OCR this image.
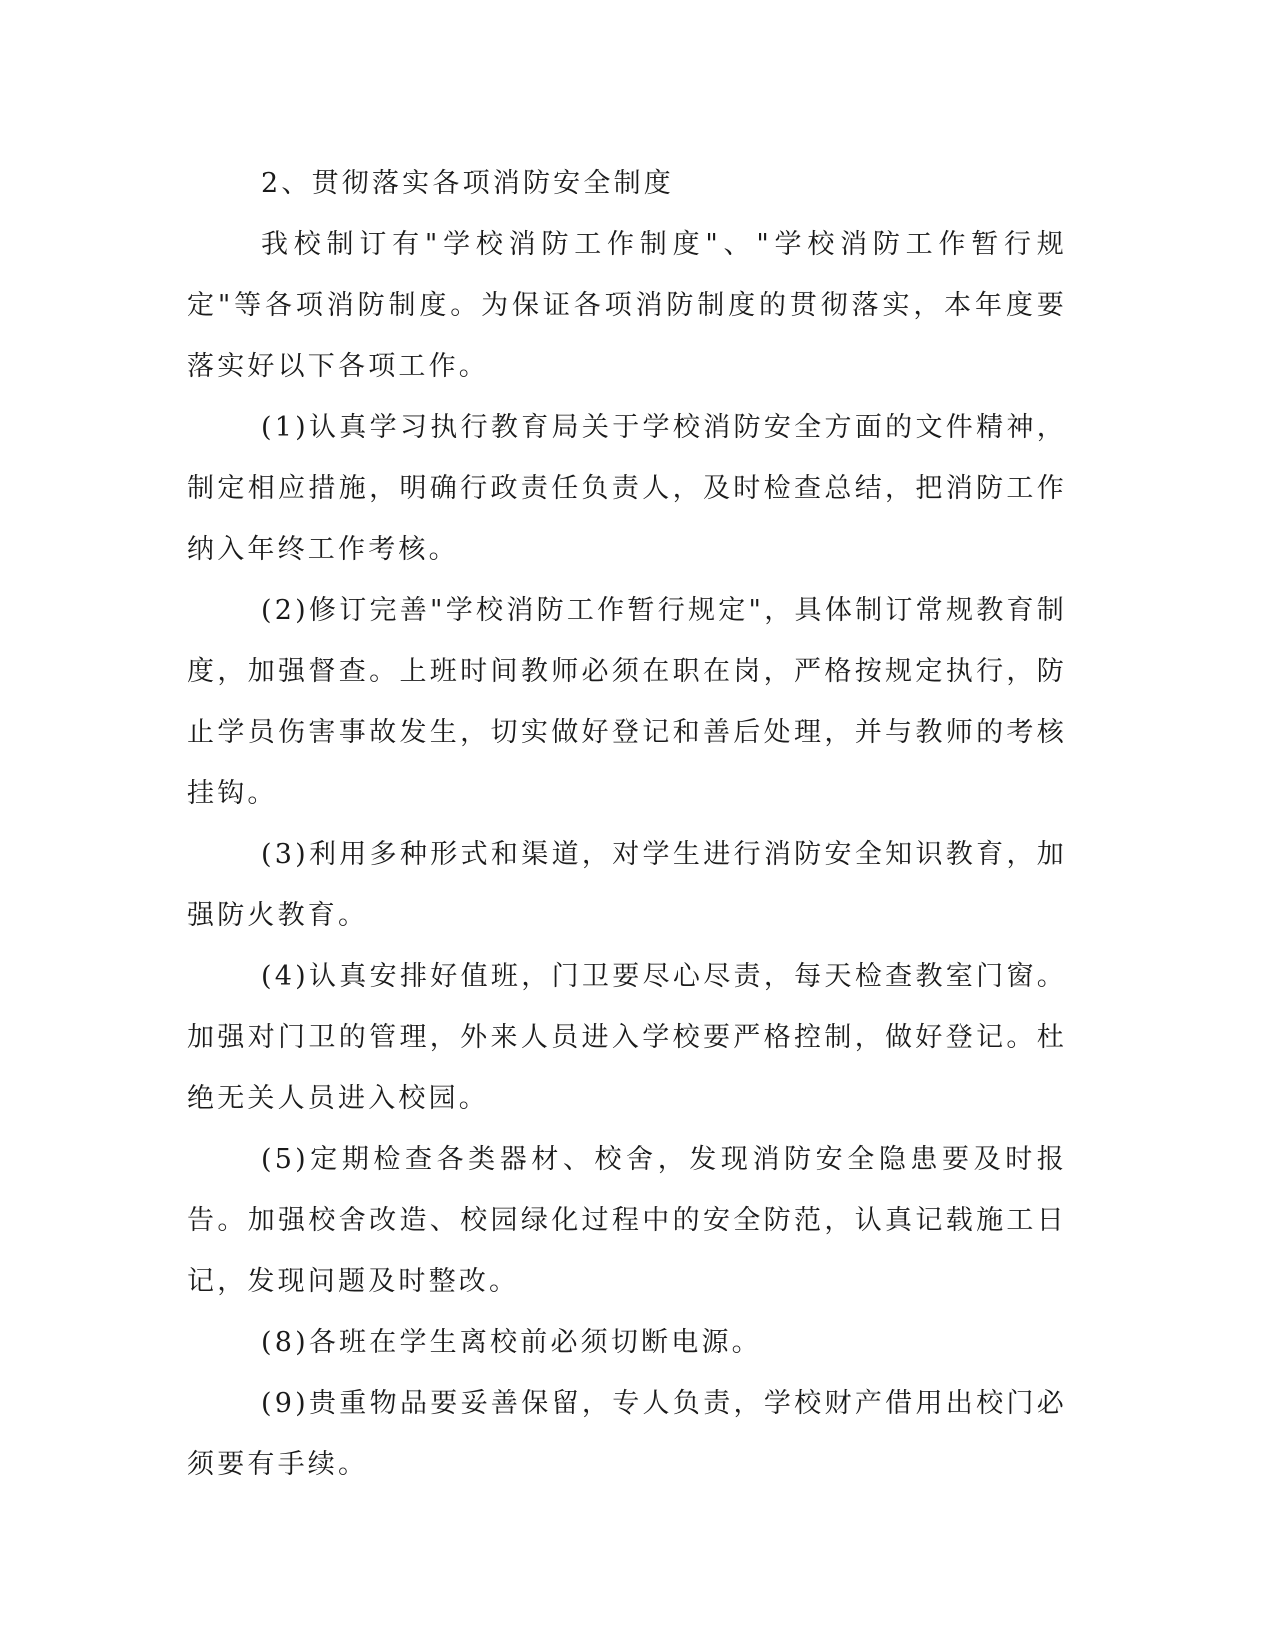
2、贯彻落实各项消防安全制度

我校制订有"学校消防工作制度"、"学校消防工作暂行规定"等各项消防制度。为保证各项消防制度的贯彻落实，本年度要落实好以下各项工作。

(1)认真学习执行教育局关于学校消防安全方面的文件精神，制定相应措施，明确行政责任负责人，及时检查总结，把消防工作纳入年终工作考核。

(2)修订完善"学校消防工作暂行规定"，具体制订常规教育制度，加强督查。上班时间教师必须在职在岗，严格按规定执行，防止学员伤害事故发生，切实做好登记和善后处理，并与教师的考核挂钩。

(3)利用多种形式和渠道，对学生进行消防安全知识教育，加强防火教育。

(4)认真安排好值班，门卫要尽心尽责，每天检查教室门窗。加强对门卫的管理，外来人员进入学校要严格控制，做好登记。杜绝无关人员进入校园。

(5)定期检查各类器材、校舍，发现消防安全隐患要及时报告。加强校舍改造、校园绿化过程中的安全防范，认真记载施工日记，发现问题及时整改。

(8)各班在学生离校前必须切断电源。

(9)贵重物品要妥善保留，专人负责，学校财产借用出校门必须要有手续。
